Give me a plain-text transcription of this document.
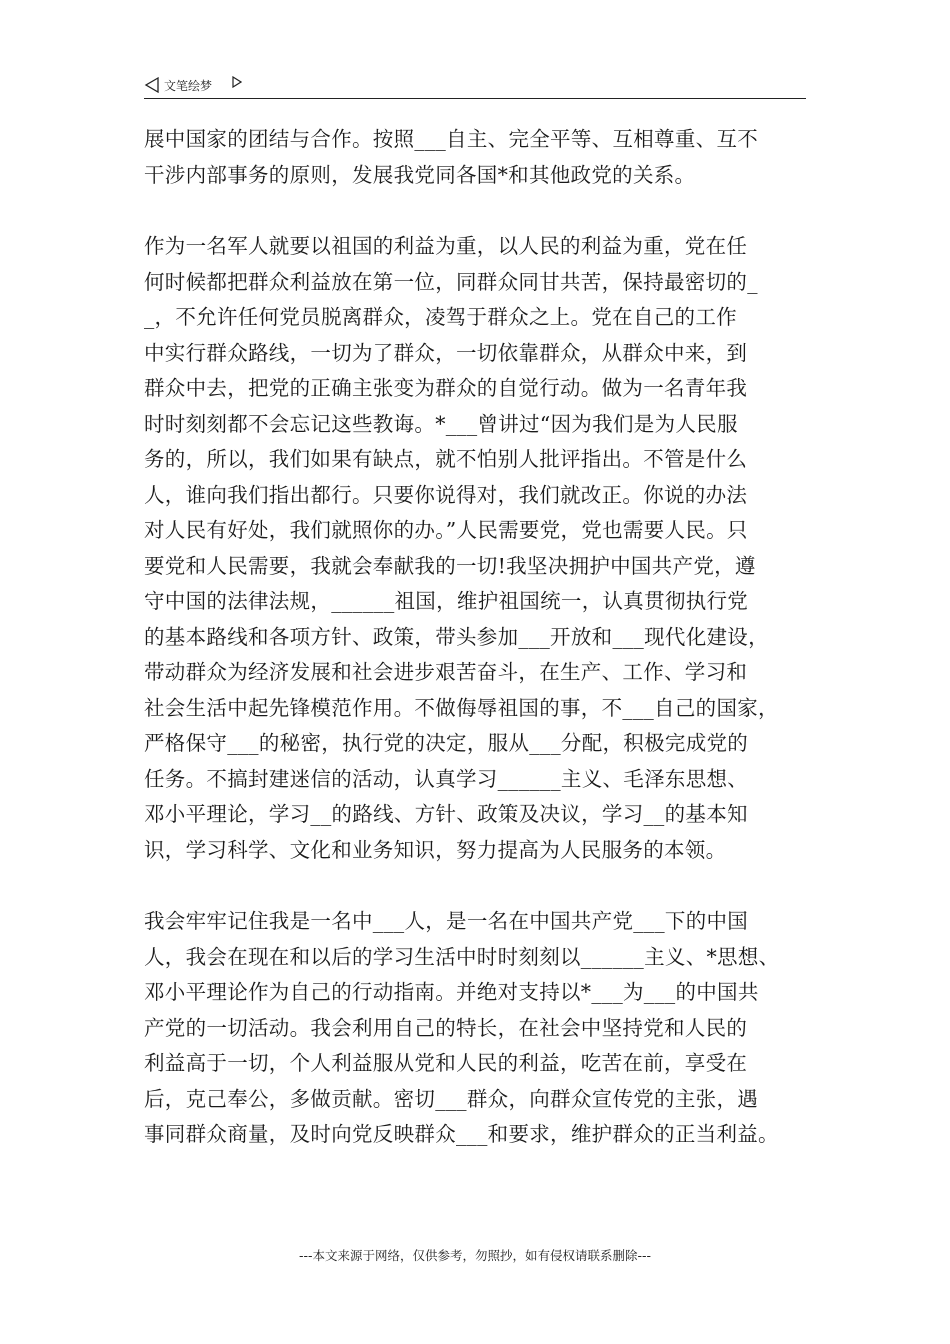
文笔绘梦
展中国家的团结与合作。按照___自主、完全平等、互相尊重、互不
干涉内部事务的原则，发展我党同各国*和其他政党的关系。
作为一名军人就要以祖国的利益为重，以人民的利益为重，党在任
何时候都把群众利益放在第一位，同群众同甘共苦，保持最密切的_
_，不允许任何党员脱离群众，凌驾于群众之上。党在自己的工作
中实行群众路线，一切为了群众，一切依靠群众，从群众中来，到
群众中去，把党的正确主张变为群众的自觉行动。做为一名青年我
时时刻刻都不会忘记这些教诲。*___曾讲过“因为我们是为人民服
务的，所以，我们如果有缺点，就不怕别人批评指出。不管是什么
人，谁向我们指出都行。只要你说得对，我们就改正。你说的办法
对人民有好处，我们就照你的办。”人民需要党，党也需要人民。只
要党和人民需要，我就会奉献我的一切!我坚决拥护中国共产党，遵
守中国的法律法规，______祖国，维护祖国统一，认真贯彻执行党
的基本路线和各项方针、政策，带头参加___开放和___现代化建设，
带动群众为经济发展和社会进步艰苦奋斗，在生产、工作、学习和
社会生活中起先锋模范作用。不做侮辱祖国的事，不___自己的国家，
严格保守___的秘密，执行党的决定，服从___分配，积极完成党的
任务。不搞封建迷信的活动，认真学习______主义、毛泽东思想、
邓小平理论，学习__的路线、方针、政策及决议，学习__的基本知
识，学习科学、文化和业务知识，努力提高为人民服务的本领。
我会牢牢记住我是一名中___人，是一名在中国共产党___下的中国
人，我会在现在和以后的学习生活中时时刻刻以______主义、*思想、
邓小平理论作为自己的行动指南。并绝对支持以*___为___的中国共
产党的一切活动。我会利用自己的特长，在社会中坚持党和人民的
利益高于一切，个人利益服从党和人民的利益，吃苦在前，享受在
后，克己奉公，多做贡献。密切___群众，向群众宣传党的主张，遇
事同群众商量，及时向党反映群众___和要求，维护群众的正当利益。
---本文来源于网络，仅供参考，勿照抄，如有侵权请联系删除---
